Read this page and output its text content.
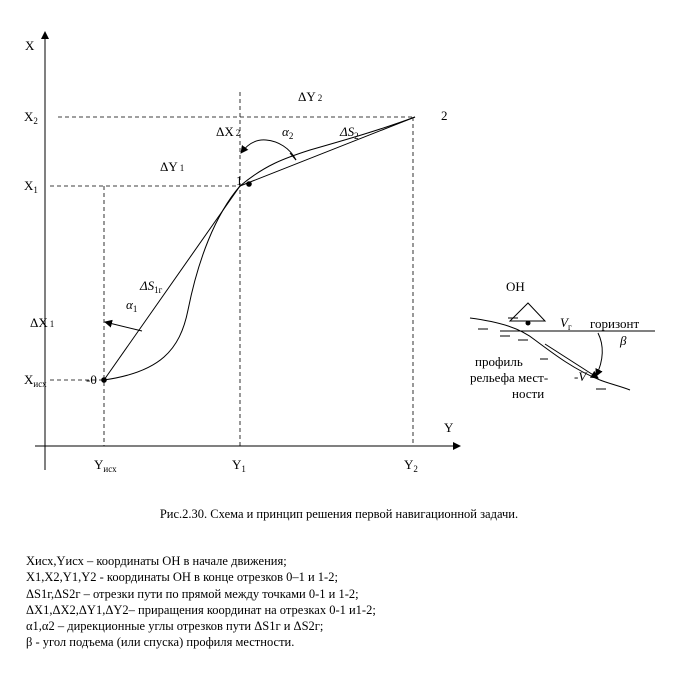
X
Y
$X_2$
$X_1$
$X_{исх}$
$Y_{исх}$	$Y_1$	$Y_2$
-0
1
2
ΔY 2
ΔX 2
ΔY 1
ΔX 1
$\alpha_2$	$\Delta S_2$
$\Delta S_{1г}$
$\alpha_1$
ОН
$V_г$ горизонт
β
-V
профиль
рельефа мест-
ности
Рис.2.30. Схема и принцип решения первой навигационной задачи.
Xисх,Yисх – координаты ОН в начале движения;
X1,X2,Y1,Y2 - координаты ОН в конце отрезков 0–1 и 1-2;
ΔS1г,ΔS2г – отрезки пути по прямой между точками 0-1 и 1-2;
ΔX1,ΔX2,ΔY1,ΔY2– приращения координат на отрезках 0-1 и1-2;
α1,α2 – дирекционные углы отрезков пути ΔS1г и ΔS2г;
β - угол подъема (или спуска) профиля местности.
